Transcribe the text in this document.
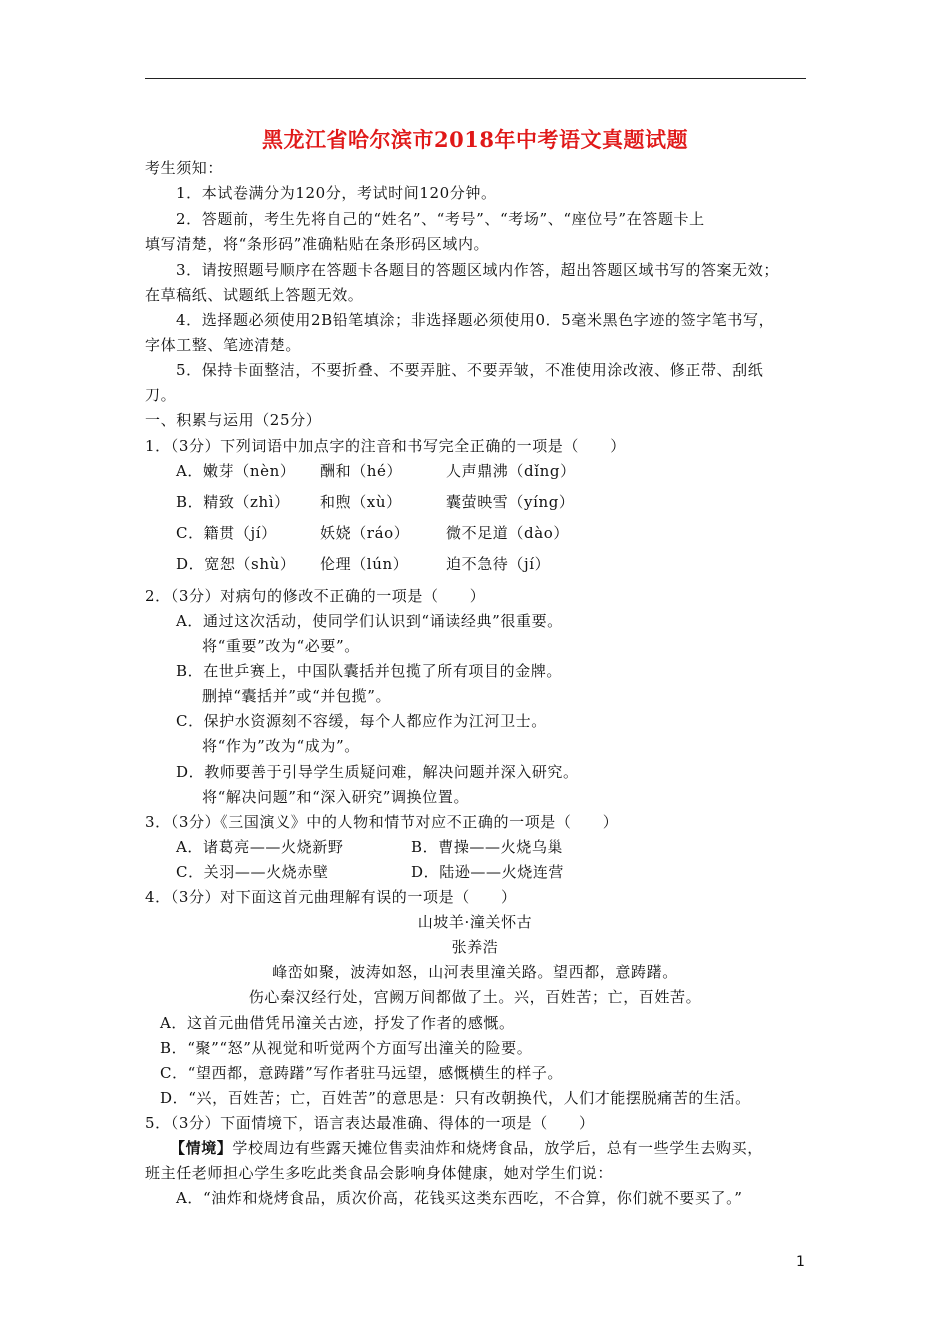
黑龙江省哈尔滨市2018年中考语文真题试题
考生须知：
1．本试卷满分为120分，考试时间120分钟。
2．答题前，考生先将自己的“姓名”、“考号”、“考场”、“座位号”在答题卡上
填写清楚，将“条形码”准确粘贴在条形码区域内。
3．请按照题号顺序在答题卡各题目的答题区域内作答，超出答题区域书写的答案无效；
在草稿纸、试题纸上答题无效。
4．选择题必须使用2B铅笔填涂；非选择题必须使用0．5毫米黑色字迹的签字笔书写，
字体工整、笔迹清楚。
5．保持卡面整洁，不要折叠、不要弄脏、不要弄皱，不准使用涂改液、修正带、刮纸
刀。
一、积累与运用（25分）
1．（3分）下列词语中加点字的注音和书写完全正确的一项是（　　）
A．嫩芽（nèn） 酬和（hé）	人声鼎沸（dǐng）
B．精致（zhì） 和煦（xù）	囊萤映雪（yíng）
C．籍贯（jí）	妖娆（ráo） 微不足道（dào）
D．宽恕（shù） 伦理（lún）	迫不急待（jí）
2．（3分）对病句的修改不正确的一项是（　　）
A．通过这次活动，使同学们认识到“诵读经典”很重要。
将“重要”改为“必要”。
B．在世乒赛上，中国队囊括并包揽了所有项目的金牌。
删掉“囊括并”或“并包揽”。
C．保护水资源刻不容缓，每个人都应作为江河卫士。
将“作为”改为“成为”。
D．教师要善于引导学生质疑问难，解决问题并深入研究。
将“解决问题”和“深入研究”调换位置。
3．（3分）《三国演义》中的人物和情节对应不正确的一项是（　　）
A．诸葛亮——火烧新野	B．曹操——火烧乌巢
C．关羽——火烧赤壁	D．陆逊——火烧连营
4．（3分）对下面这首元曲理解有误的一项是（　　）
山坡羊·潼关怀古
张养浩
峰峦如聚，波涛如怒，山河表里潼关路。望西都，意踌躇。
伤心秦汉经行处，宫阙万间都做了土。兴，百姓苦；亡，百姓苦。
A．这首元曲借凭吊潼关古迹，抒发了作者的感慨。
B．“聚”“怒”从视觉和听觉两个方面写出潼关的险要。
C．“望西都，意踌躇”写作者驻马远望，感慨横生的样子。
D．“兴，百姓苦；亡，百姓苦”的意思是：只有改朝换代，人们才能摆脱痛苦的生活。
5．（3分）下面情境下，语言表达最准确、得体的一项是（　　）
【情境】学校周边有些露天摊位售卖油炸和烧烤食品，放学后，总有一些学生去购买，
班主任老师担心学生多吃此类食品会影响身体健康，她对学生们说：
A．“油炸和烧烤食品，质次价高，花钱买这类东西吃，不合算，你们就不要买了。”
1
